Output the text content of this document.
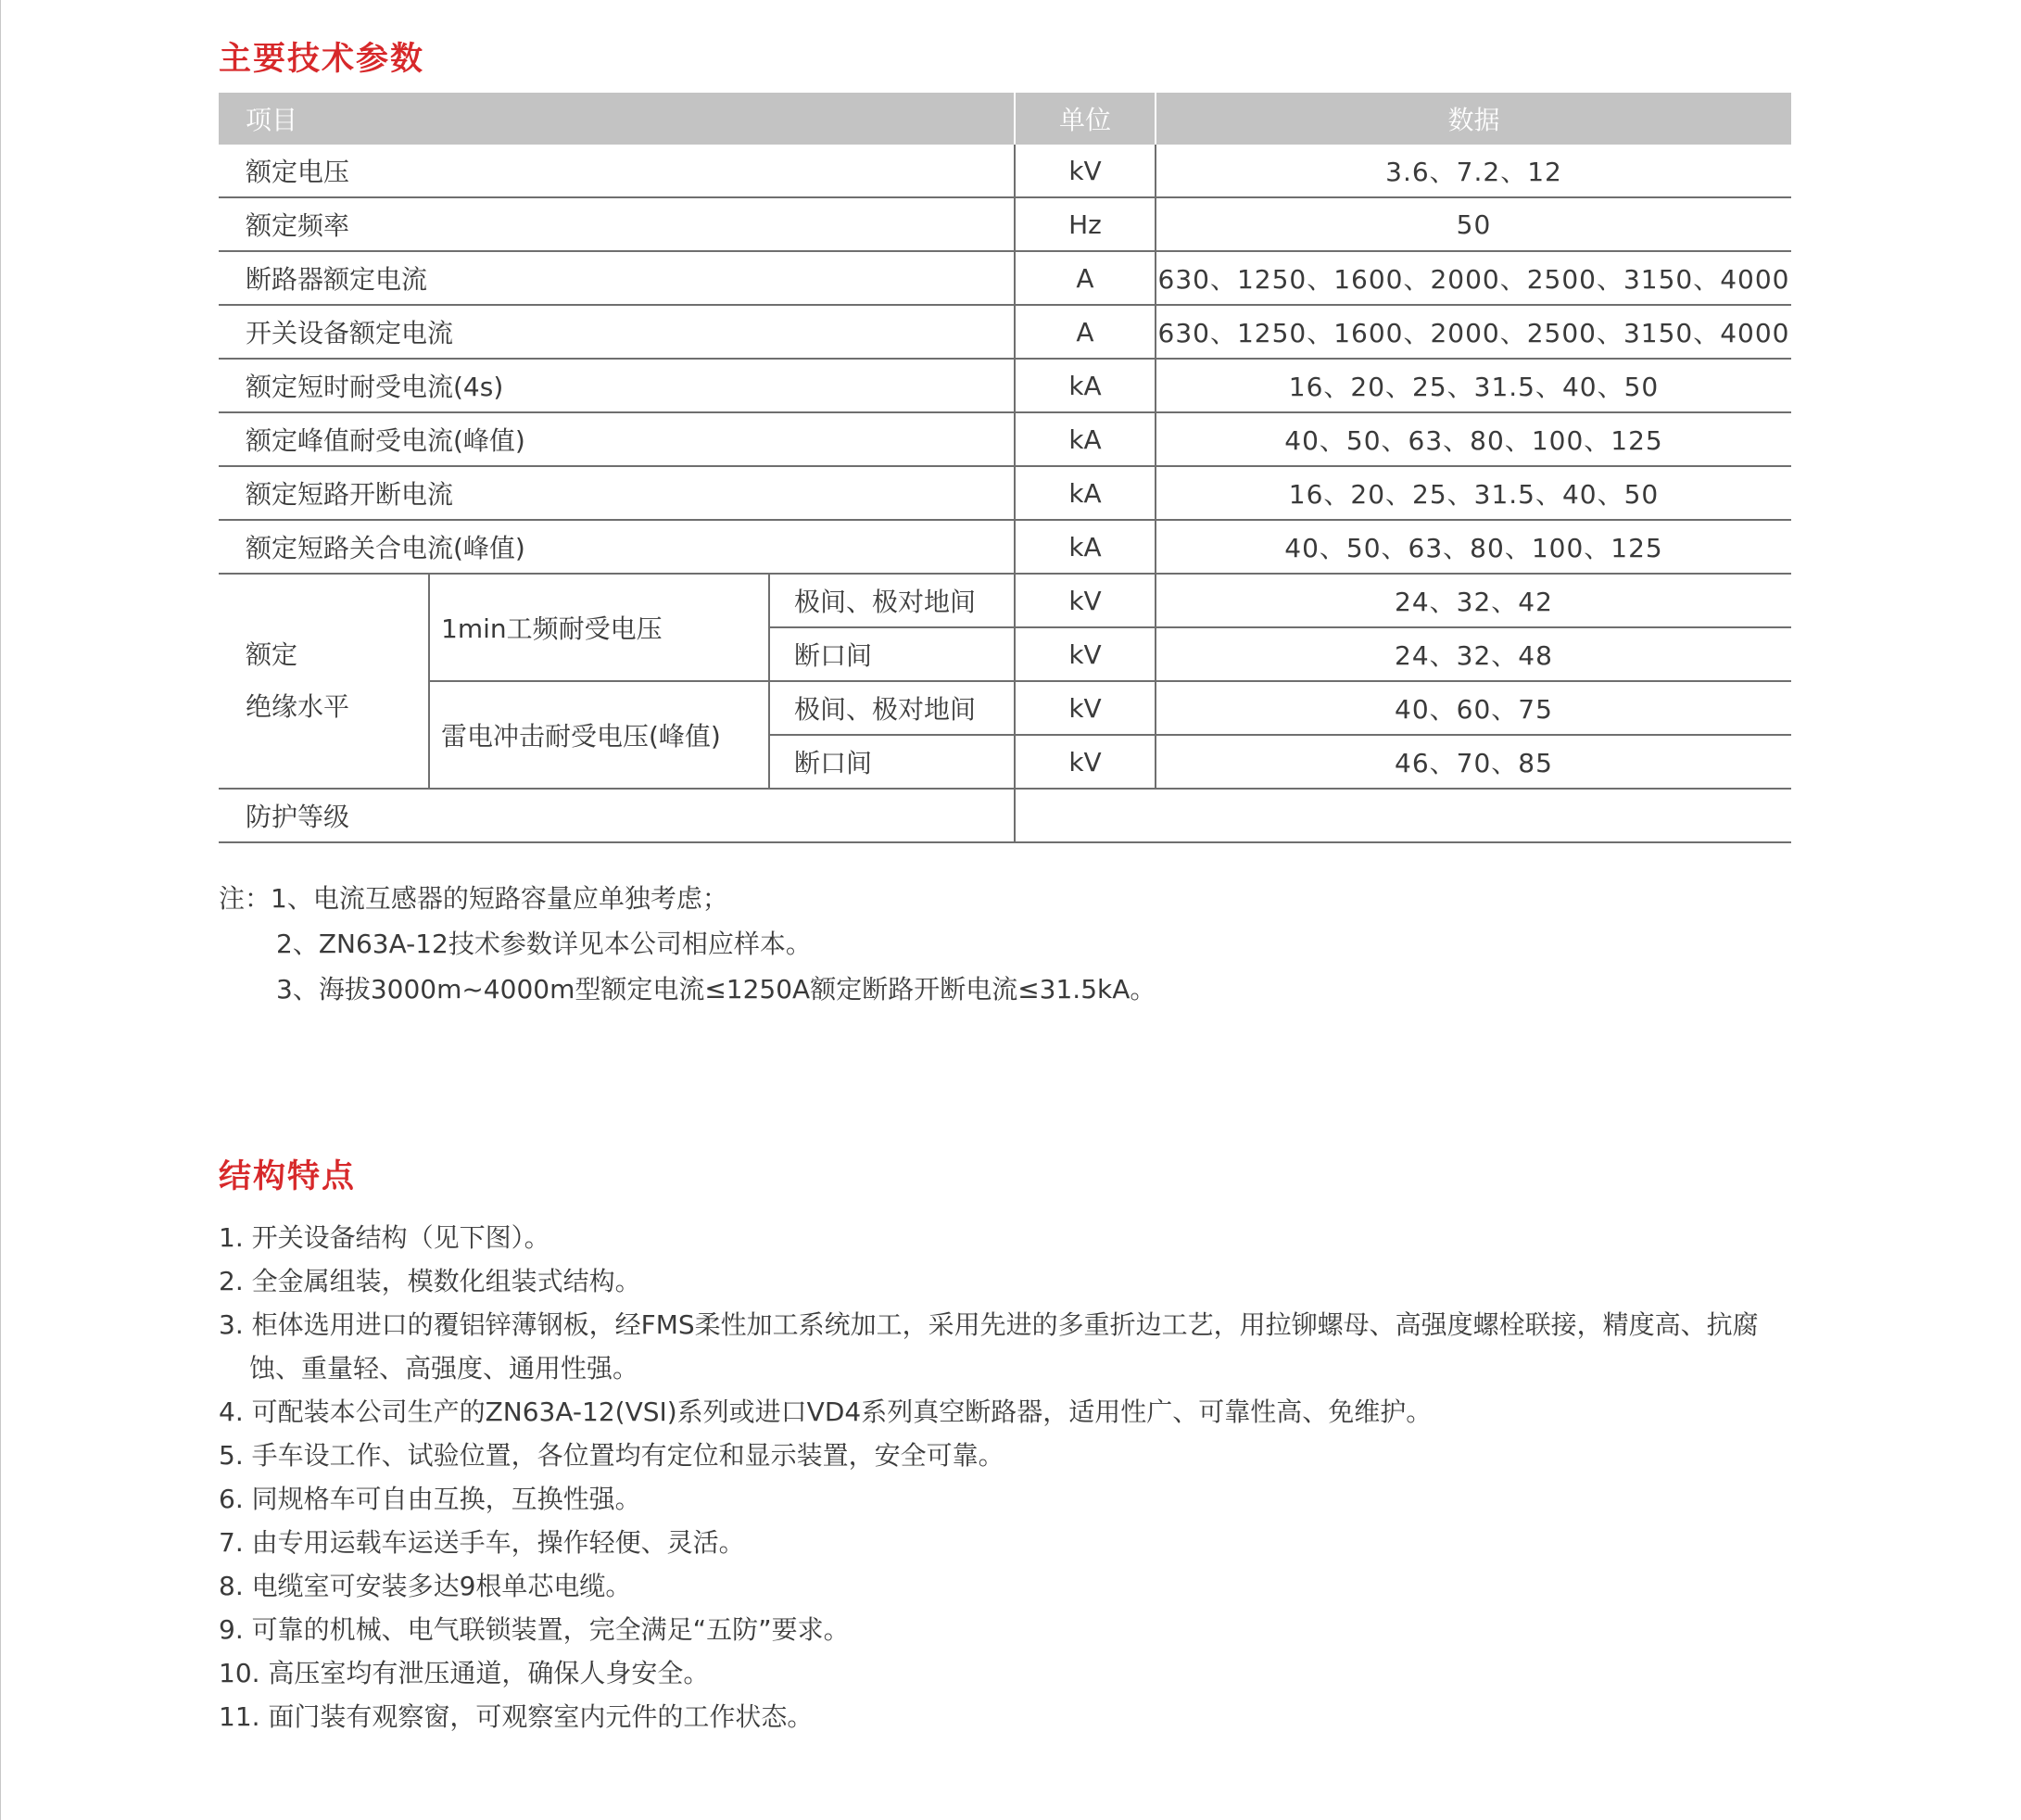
主要技术参数
项目			单位	数据
额定电压			kV	3.6、7.2、12
额定频率			Hz	50
断路器额定电流			A	630、1250、1600、2000、2500、3150、4000
开关设备额定电流			A	630、1250、1600、2000、2500、3150、4000
额定短时耐受电流(4s)			kA	16、20、25、31.5、40、50
额定峰值耐受电流(峰值)			kA	40、50、63、80、100、125
额定短路开断电流			kA	16、20、25、31.5、40、50
额定短路关合电流(峰值)			kA	40、50、63、80、100、125

额定
绝缘水平	1min工频耐受电压	极间、极对地间	kV	24、32、42
		断口间	kV	24、32、48
	雷电冲击耐受电压(峰值)	极间、极对地间	kV	40、60、75
		断口间	kV	46、70、85
防护等级				
注：1、电流互感器的短路容量应单独考虑；
2、ZN63A-12技术参数详见本公司相应样本。
3、海拔3000m~4000m型额定电流≤1250A额定断路开断电流≤31.5kA。
结构特点
1. 开关设备结构（见下图）。
2. 全金属组装，模数化组装式结构。
3. 柜体选用进口的覆铝锌薄钢板，经FMS柔性加工系统加工，采用先进的多重折边工艺，用拉铆螺母、高强度螺栓联接，精度高、抗腐蚀、重量轻、高强度、通用性强。
4. 可配装本公司生产的ZN63A-12(VSI)系列或进口VD4系列真空断路器，适用性广、可靠性高、免维护。
5. 手车设工作、试验位置，各位置均有定位和显示装置，安全可靠。
6. 同规格车可自由互换，互换性强。
7. 由专用运载车运送手车，操作轻便、灵活。
8. 电缆室可安装多达9根单芯电缆。
9. 可靠的机械、电气联锁装置，完全满足“五防”要求。
10. 高压室均有泄压通道，确保人身安全。
11. 面门装有观察窗，可观察室内元件的工作状态。
